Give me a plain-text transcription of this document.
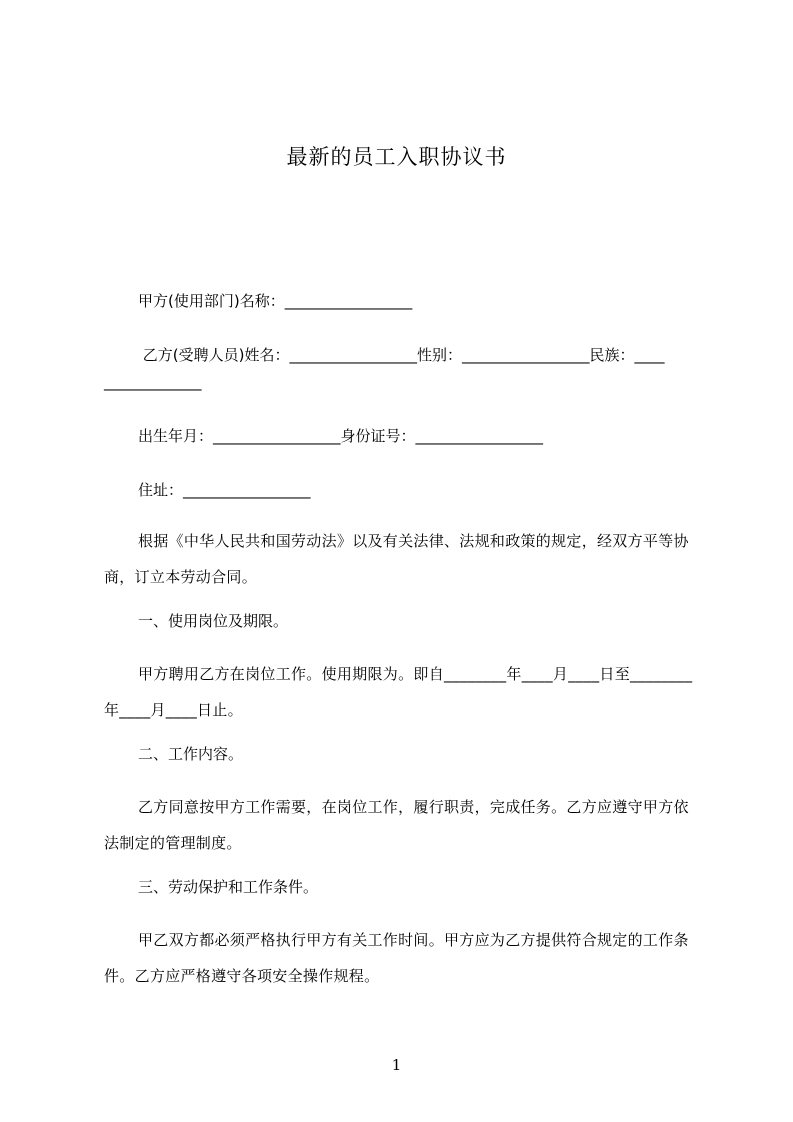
最新的员工入职协议书
甲方(使用部门)名称：_________________
乙方(受聘人员)姓名：_________________性别：_________________民族：____
_____________
出生年月：_________________身份证号：_________________
住址：_________________
根据《中华人民共和国劳动法》以及有关法律、法规和政策的规定，经双方平等协商，订立本劳动合同。
一、使用岗位及期限。
甲方聘用乙方在岗位工作。使用期限为。即自________年____月____日至________年____月____日止。
二、工作内容。
乙方同意按甲方工作需要，在岗位工作，履行职责，完成任务。乙方应遵守甲方依法制定的管理制度。
三、劳动保护和工作条件。
甲乙双方都必须严格执行甲方有关工作时间。甲方应为乙方提供符合规定的工作条件。乙方应严格遵守各项安全操作规程。
1
